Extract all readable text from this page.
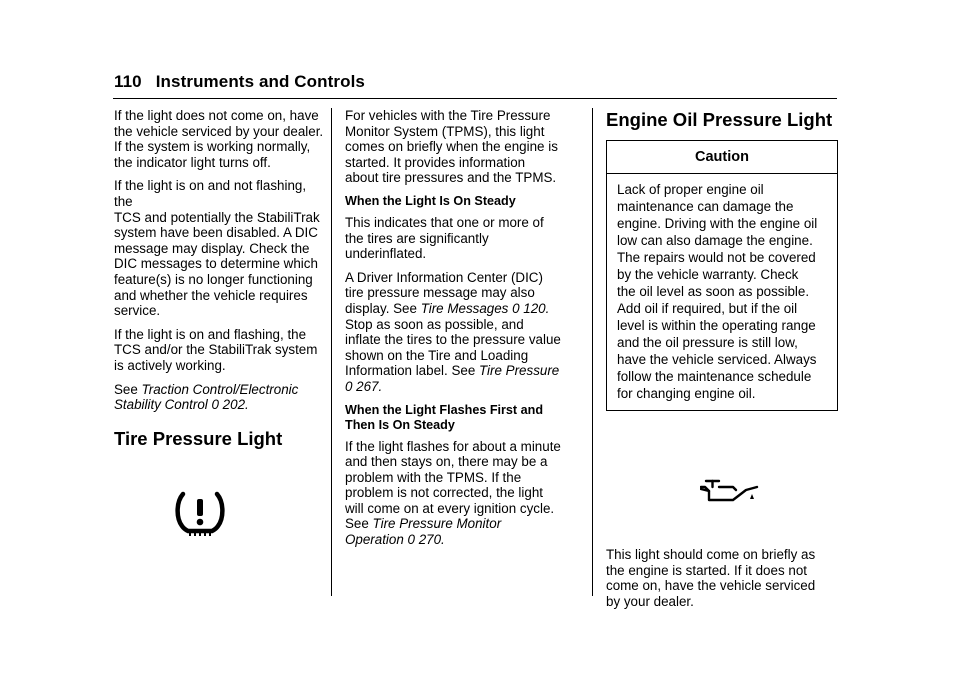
110 Instruments and Controls

If the light does not come on, have
the vehicle serviced by your dealer.
If the system is working normally,
the indicator light turns off.

If the light is on and not flashing, the
TCS and potentially the StabiliTrak
system have been disabled. A DIC
message may display. Check the
DIC messages to determine which
feature(s) is no longer functioning
and whether the vehicle requires
service.

If the light is on and flashing, the
TCS and/or the StabiliTrak system
is actively working.

See Traction Control/Electronic
Stability Control 0 202.

Tire Pressure Light

For vehicles with the Tire Pressure
Monitor System (TPMS), this light
comes on briefly when the engine is
started. It provides information
about tire pressures and the TPMS.

When the Light Is On Steady

This indicates that one or more of
the tires are significantly
underinflated.

A Driver Information Center (DIC)
tire pressure message may also
display. See Tire Messages 0 120.
Stop as soon as possible, and
inflate the tires to the pressure value
shown on the Tire and Loading
Information label. See Tire Pressure
0 267.

When the Light Flashes First and
Then Is On Steady

If the light flashes for about a minute
and then stays on, there may be a
problem with the TPMS. If the
problem is not corrected, the light
will come on at every ignition cycle.
See Tire Pressure Monitor
Operation 0 270.

Engine Oil Pressure Light
Caution
Lack of proper engine oil
maintenance can damage the
engine. Driving with the engine oil
low can also damage the engine.
The repairs would not be covered
by the vehicle warranty. Check
the oil level as soon as possible.
Add oil if required, but if the oil
level is within the operating range
and the oil pressure is still low,
have the vehicle serviced. Always
follow the maintenance schedule
for changing engine oil.

This light should come on briefly as
the engine is started. If it does not
come on, have the vehicle serviced
by your dealer.
